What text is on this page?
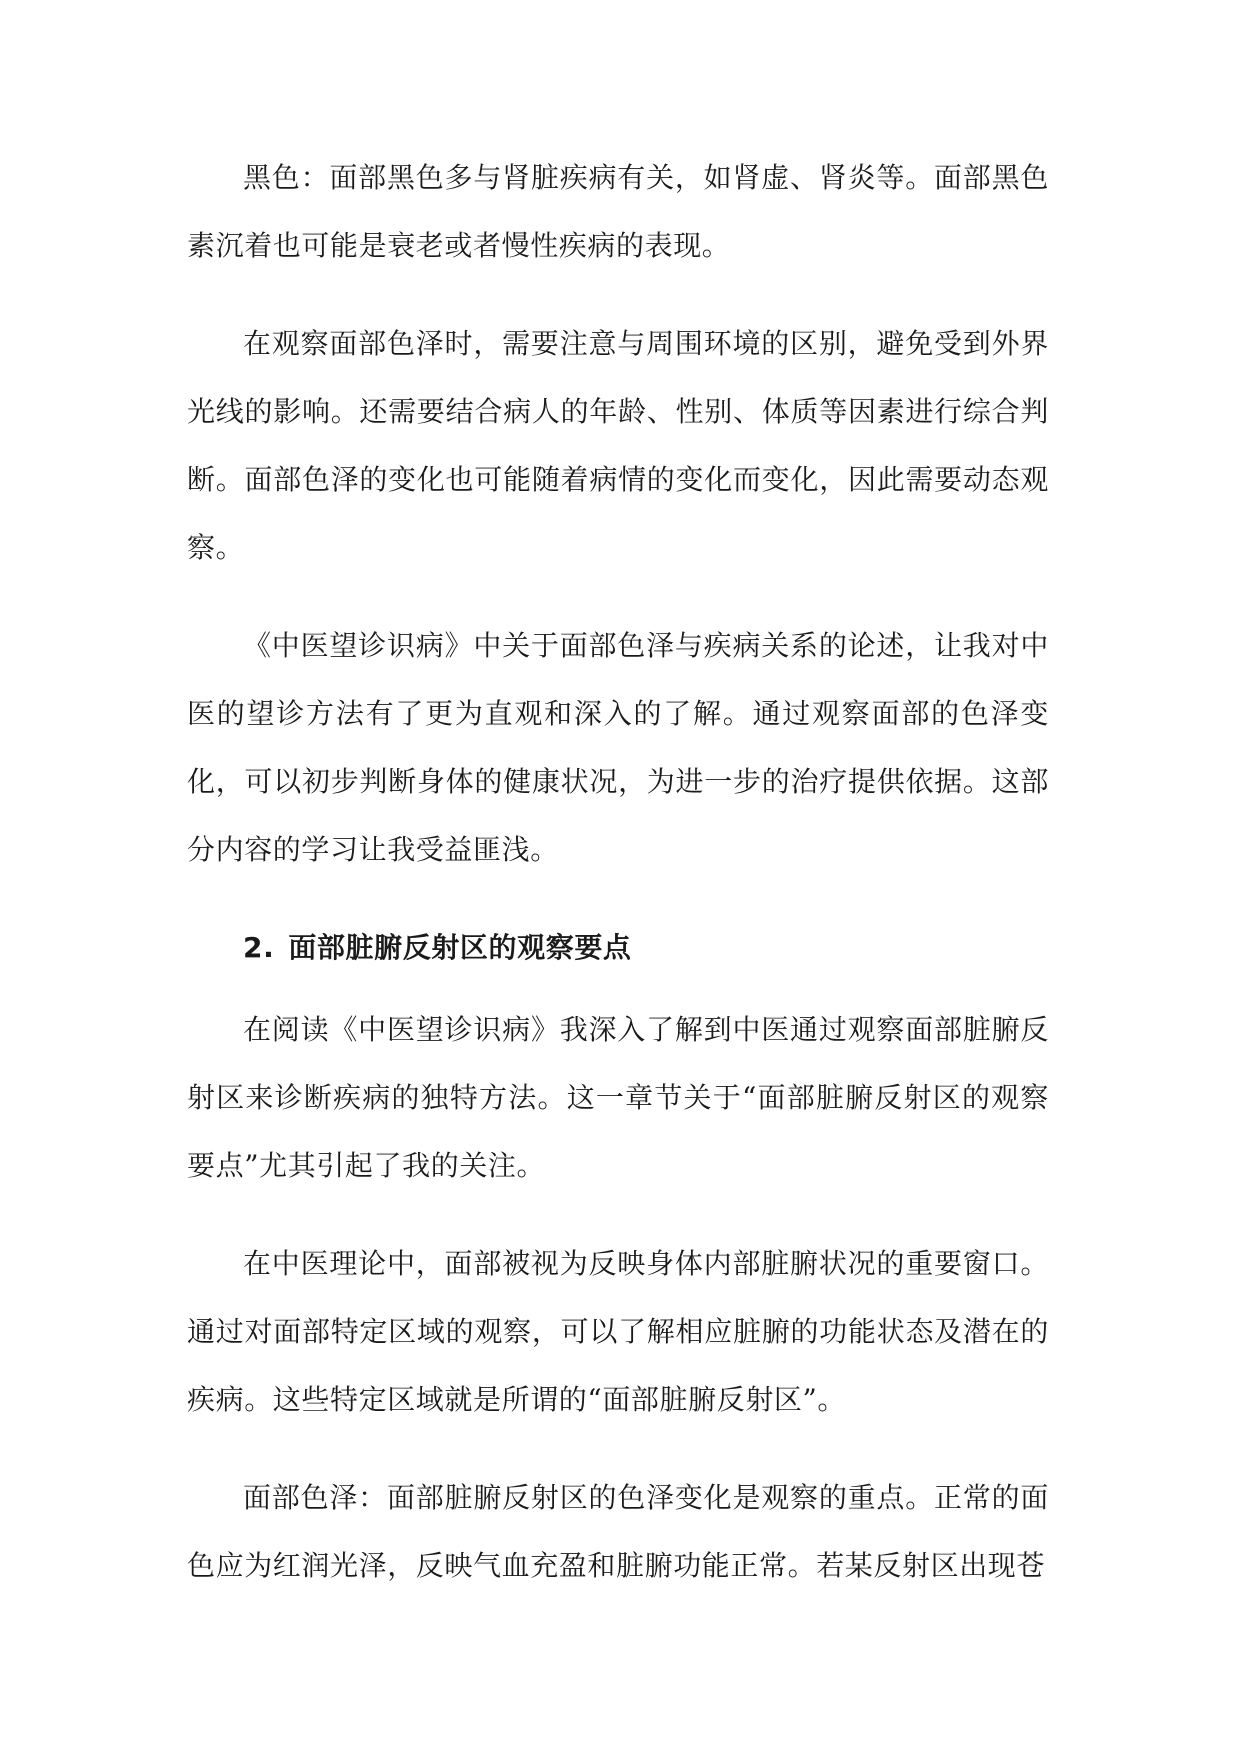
黑色：面部黑色多与肾脏疾病有关，如肾虚、肾炎等。面部黑色素沉着也可能是衰老或者慢性疾病的表现。

在观察面部色泽时，需要注意与周围环境的区别，避免受到外界光线的影响。还需要结合病人的年龄、性别、体质等因素进行综合判断。面部色泽的变化也可能随着病情的变化而变化，因此需要动态观察。

《中医望诊识病》中关于面部色泽与疾病关系的论述，让我对中医的望诊方法有了更为直观和深入的了解。通过观察面部的色泽变化，可以初步判断身体的健康状况，为进一步的治疗提供依据。这部分内容的学习让我受益匪浅。

2. 面部脏腑反射区的观察要点

在阅读《中医望诊识病》我深入了解到中医通过观察面部脏腑反射区来诊断疾病的独特方法。这一章节关于“面部脏腑反射区的观察要点”尤其引起了我的关注。

在中医理论中，面部被视为反映身体内部脏腑状况的重要窗口。通过对面部特定区域的观察，可以了解相应脏腑的功能状态及潜在的疾病。这些特定区域就是所谓的“面部脏腑反射区”。

面部色泽：面部脏腑反射区的色泽变化是观察的重点。正常的面色应为红润光泽，反映气血充盈和脏腑功能正常。若某反射区出现苍
